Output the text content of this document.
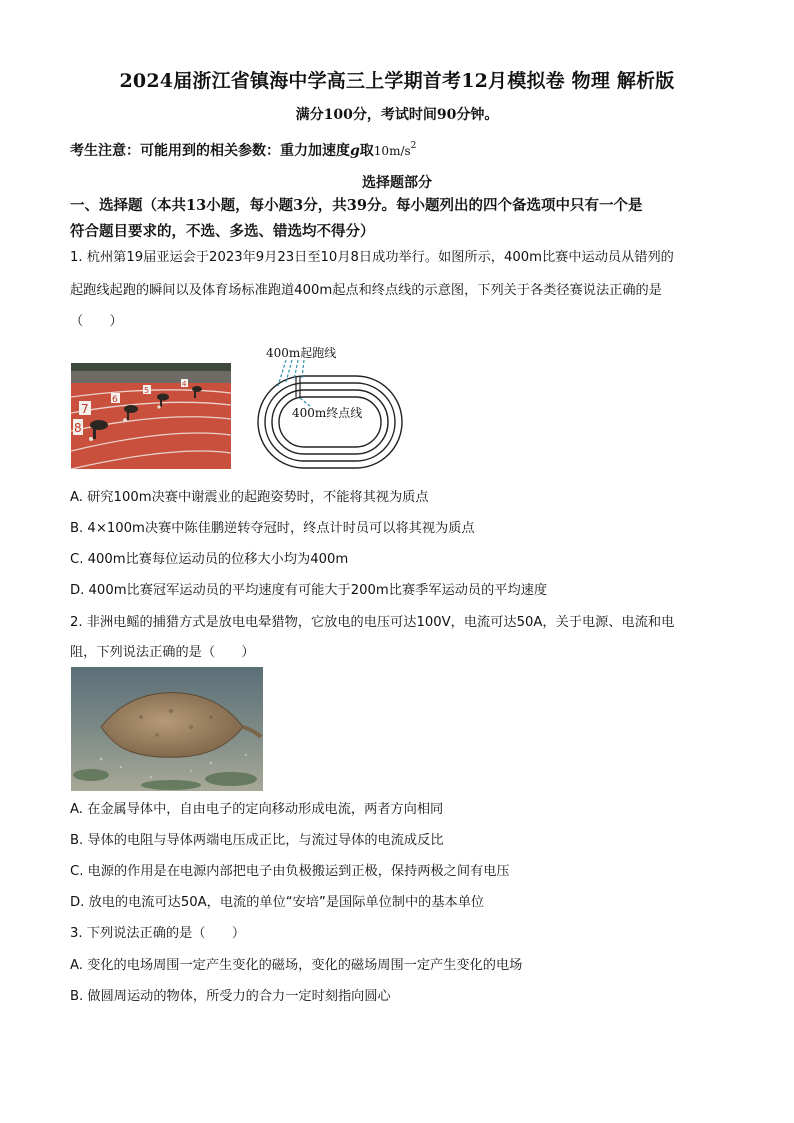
2024届浙江省镇海中学高三上学期首考12月模拟卷 物理 解析版
满分100分，考试时间90分钟。
考生注意：可能用到的相关参数：重力加速度g取$10m/s^2$
选择题部分
一、选择题（本共13小题，每小题3分，共39分。每小题列出的四个备选项中只有一个是
符合题目要求的，不选、多选、错选均不得分）
1. 杭州第19届亚运会于2023年9月23日至10月8日成功举行。如图所示，400m比赛中运动员从错列的
起跑线起跑的瞬间以及体育场标准跑道400m起点和终点线的示意图，下列关于各类径赛说法正确的是
（　　）
7
8
6
5
4
400m起跑线
400m终点线
A. 研究100m决赛中谢震业的起跑姿势时，不能将其视为质点
B. 4×100m决赛中陈佳鹏逆转夺冠时，终点计时员可以将其视为质点
C. 400m比赛每位运动员的位移大小均为400m
D. 400m比赛冠军运动员的平均速度有可能大于200m比赛季军运动员的平均速度
2. 非洲电鳐的捕猎方式是放电电晕猎物，它放电的电压可达100V，电流可达50A，关于电源、电流和电
阻，下列说法正确的是（　　）
A. 在金属导体中，自由电子的定向移动形成电流，两者方向相同
B. 导体的电阻与导体两端电压成正比，与流过导体的电流成反比
C. 电源的作用是在电源内部把电子由负极搬运到正极，保持两极之间有电压
D. 放电的电流可达50A，电流的单位“安培”是国际单位制中的基本单位
3. 下列说法正确的是（　　）
A. 变化的电场周围一定产生变化的磁场，变化的磁场周围一定产生变化的电场
B. 做圆周运动的物体，所受力的合力一定时刻指向圆心
